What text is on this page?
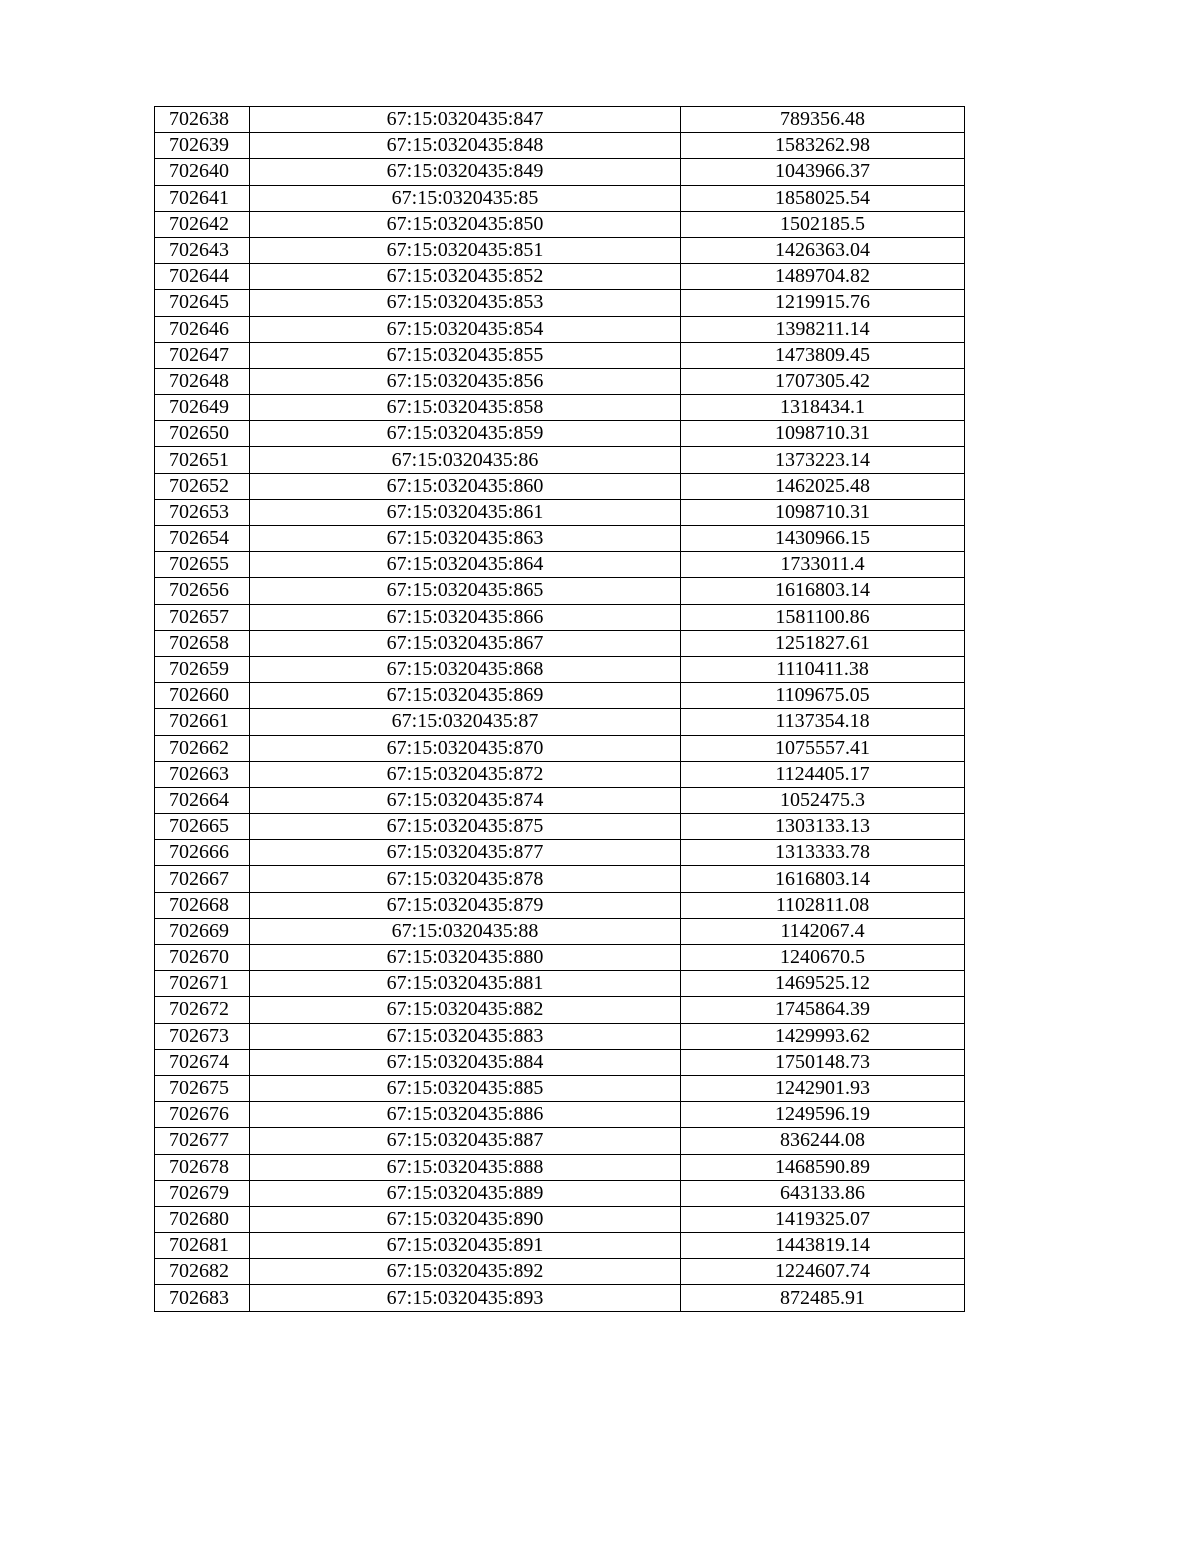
702638	67:15:0320435:847	789356.48
702639	67:15:0320435:848	1583262.98
702640	67:15:0320435:849	1043966.37
702641	67:15:0320435:85	1858025.54
702642	67:15:0320435:850	1502185.5
702643	67:15:0320435:851	1426363.04
702644	67:15:0320435:852	1489704.82
702645	67:15:0320435:853	1219915.76
702646	67:15:0320435:854	1398211.14
702647	67:15:0320435:855	1473809.45
702648	67:15:0320435:856	1707305.42
702649	67:15:0320435:858	1318434.1
702650	67:15:0320435:859	1098710.31
702651	67:15:0320435:86	1373223.14
702652	67:15:0320435:860	1462025.48
702653	67:15:0320435:861	1098710.31
702654	67:15:0320435:863	1430966.15
702655	67:15:0320435:864	1733011.4
702656	67:15:0320435:865	1616803.14
702657	67:15:0320435:866	1581100.86
702658	67:15:0320435:867	1251827.61
702659	67:15:0320435:868	1110411.38
702660	67:15:0320435:869	1109675.05
702661	67:15:0320435:87	1137354.18
702662	67:15:0320435:870	1075557.41
702663	67:15:0320435:872	1124405.17
702664	67:15:0320435:874	1052475.3
702665	67:15:0320435:875	1303133.13
702666	67:15:0320435:877	1313333.78
702667	67:15:0320435:878	1616803.14
702668	67:15:0320435:879	1102811.08
702669	67:15:0320435:88	1142067.4
702670	67:15:0320435:880	1240670.5
702671	67:15:0320435:881	1469525.12
702672	67:15:0320435:882	1745864.39
702673	67:15:0320435:883	1429993.62
702674	67:15:0320435:884	1750148.73
702675	67:15:0320435:885	1242901.93
702676	67:15:0320435:886	1249596.19
702677	67:15:0320435:887	836244.08
702678	67:15:0320435:888	1468590.89
702679	67:15:0320435:889	643133.86
702680	67:15:0320435:890	1419325.07
702681	67:15:0320435:891	1443819.14
702682	67:15:0320435:892	1224607.74
702683	67:15:0320435:893	872485.91
